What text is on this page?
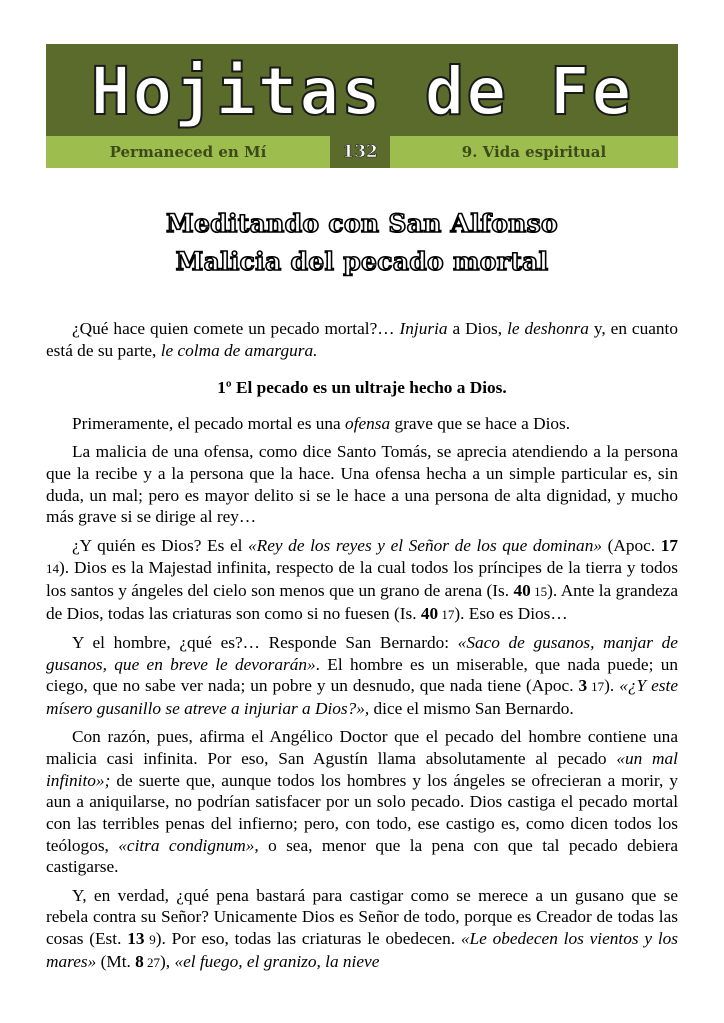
Hojitas de Fe
Permaneced en Mí	132	9. Vida espiritual
Meditando con San Alfonso
Malicia del pecado mortal

¿Qué hace quien comete un pecado mortal?… Injuria a Dios, le deshonra y, en cuanto está de su parte, le colma de amargura.

1º El pecado es un ultraje hecho a Dios.

Primeramente, el pecado mortal es una ofensa grave que se hace a Dios.

La malicia de una ofensa, como dice Santo Tomás, se aprecia atendiendo a la persona que la recibe y a la persona que la hace. Una ofensa hecha a un simple particular es, sin duda, un mal; pero es mayor delito si se le hace a una persona de alta dignidad, y mucho más grave si se dirige al rey…

¿Y quién es Dios? Es el «Rey de los reyes y el Señor de los que dominan» (Apoc. 17 14). Dios es la Majestad infinita, respecto de la cual todos los príncipes de la tierra y todos los santos y ángeles del cielo son menos que un grano de arena (Is. 40 15). Ante la grandeza de Dios, todas las criaturas son como si no fuesen (Is. 40 17). Eso es Dios…

Y el hombre, ¿qué es?… Responde San Bernardo: «Saco de gusanos, manjar de gusanos, que en breve le devorarán». El hombre es un miserable, que nada puede; un ciego, que no sabe ver nada; un pobre y un desnudo, que nada tiene (Apoc. 3 17). «¿Y este mísero gusanillo se atreve a injuriar a Dios?», dice el mismo San Bernardo.

Con razón, pues, afirma el Angélico Doctor que el pecado del hombre contiene una malicia casi infinita. Por eso, San Agustín llama absolutamente al pecado «un mal infinito»; de suerte que, aunque todos los hombres y los ángeles se ofrecieran a morir, y aun a aniquilarse, no podrían satisfacer por un solo pecado. Dios castiga el pecado mortal con las terribles penas del infierno; pero, con todo, ese castigo es, como dicen todos los teólogos, «citra condignum», o sea, menor que la pena con que tal pecado debiera castigarse.

Y, en verdad, ¿qué pena bastará para castigar como se merece a un gusano que se rebela contra su Señor? Unicamente Dios es Señor de todo, porque es Creador de todas las cosas (Est. 13 9). Por eso, todas las criaturas le obedecen. «Le obedecen los vientos y los mares» (Mt. 8 27), «el fuego, el granizo, la nieve
